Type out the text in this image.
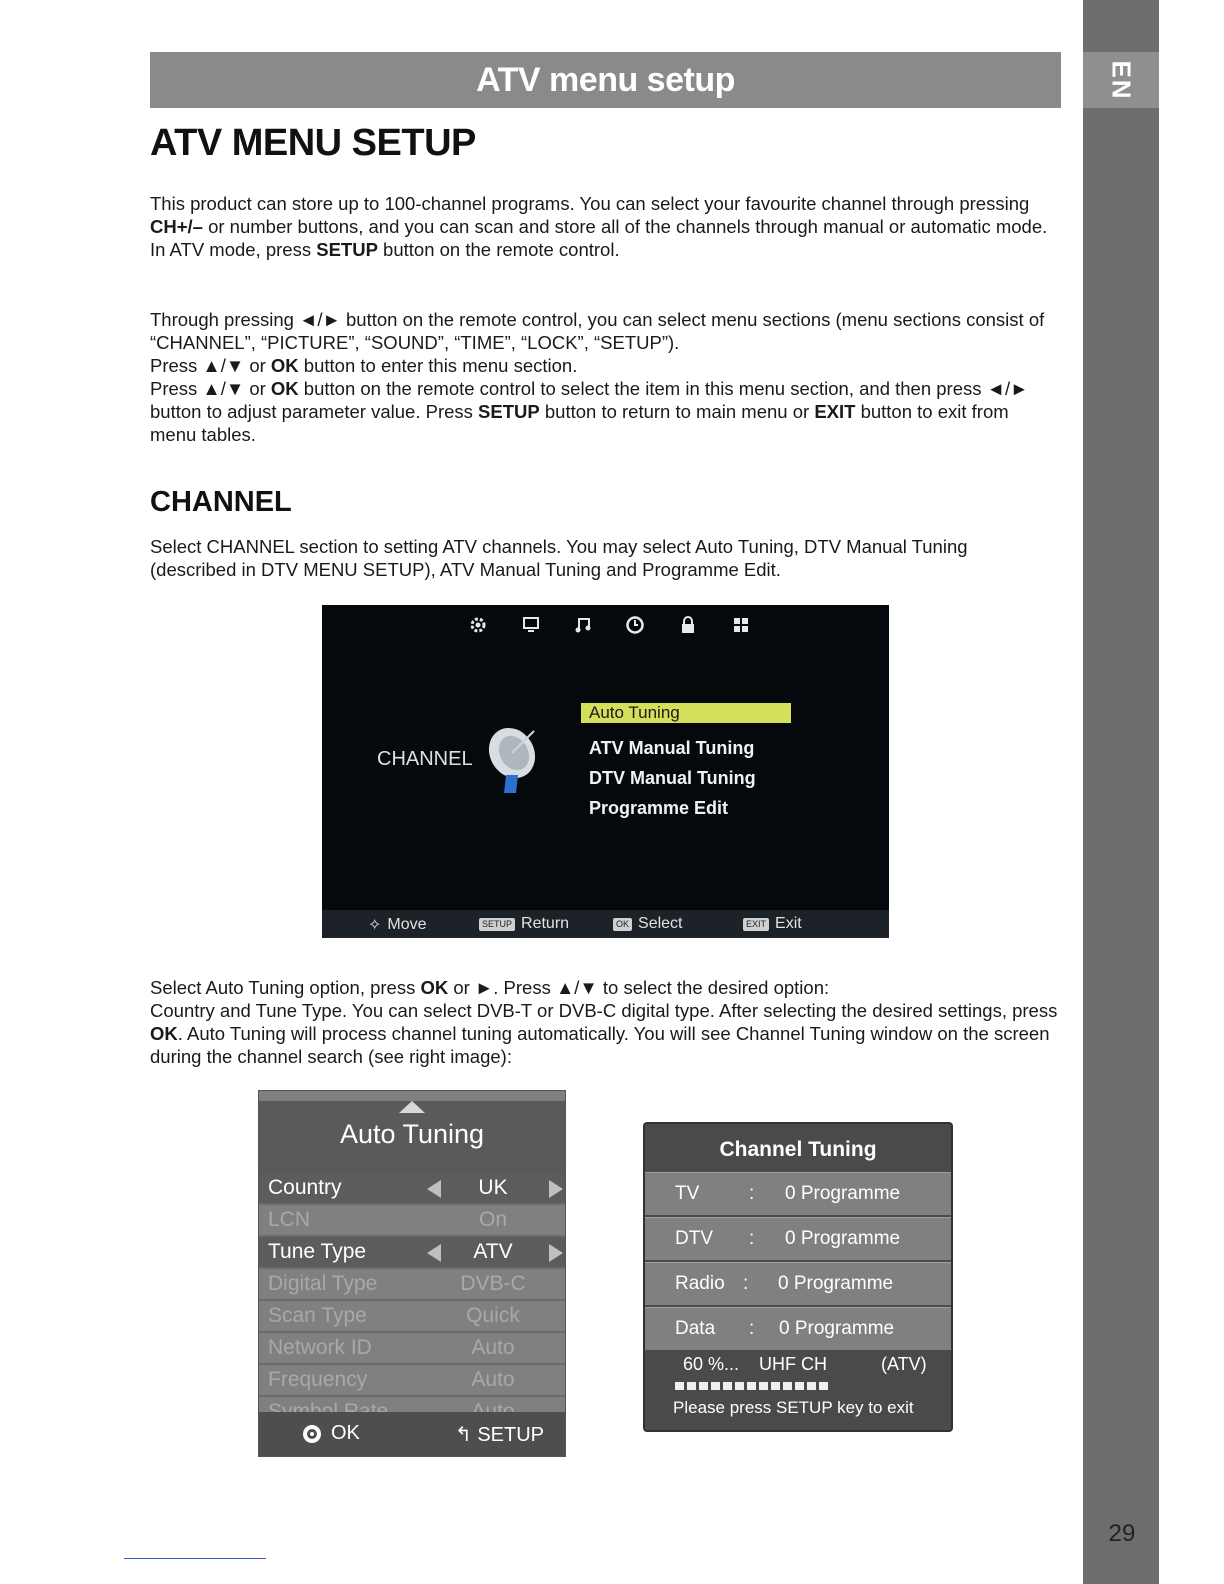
EN
29
ATV menu setup
ATV MENU SETUP

This product can store up to 100-channel programs. You can select your favourite channel through pressing CH+/– or number buttons, and you can scan and store all of the channels through manual or automatic mode.
In ATV mode, press SETUP button on the remote control.

Through pressing ◄/► button on the remote control, you can select menu sections (menu sections consist of “CHANNEL”, “PICTURE”, “SOUND”, “TIME”, “LOCK”, “SETUP”).
Press ▲/▼ or OK button to enter this menu section.
Press ▲/▼ or OK button on the remote control to select the item in this menu section, and then press ◄/► button to adjust parameter value. Press SETUP button to return to main menu or EXIT button to exit from menu tables.

CHANNEL

Select CHANNEL section to setting ATV channels. You may select Auto Tuning, DTV Manual Tuning (described in DTV MENU SETUP), ATV Manual Tuning and Programme Edit.

CHANNEL
Auto Tuning
ATV Manual Tuning
DTV Manual Tuning
Programme Edit
✧ Move	SETUP Return	OK Select	EXIT Exit

Select Auto Tuning option, press OK or ►. Press ▲/▼ to select the desired option:
Country and Tune Type. You can select DVB-T or DVB-C digital type. After selecting the desired settings, press OK. Auto Tuning will process channel tuning automatically. You will see Channel Tuning window on the screen during the channel search (see right image):

Auto Tuning
Country	UK
LCN	On
Tune Type	ATV
Digital Type	DVB-C
Scan Type	Quick
Network ID	Auto
Frequency	Auto
OK	↰ SETUP
Channel Tuning
TV	: 0 Programme
DTV : 0 Programme
Radio : 0 Programme
Data : 0 Programme
60 %... UHF CH	(ATV)
Please press SETUP key to exit
